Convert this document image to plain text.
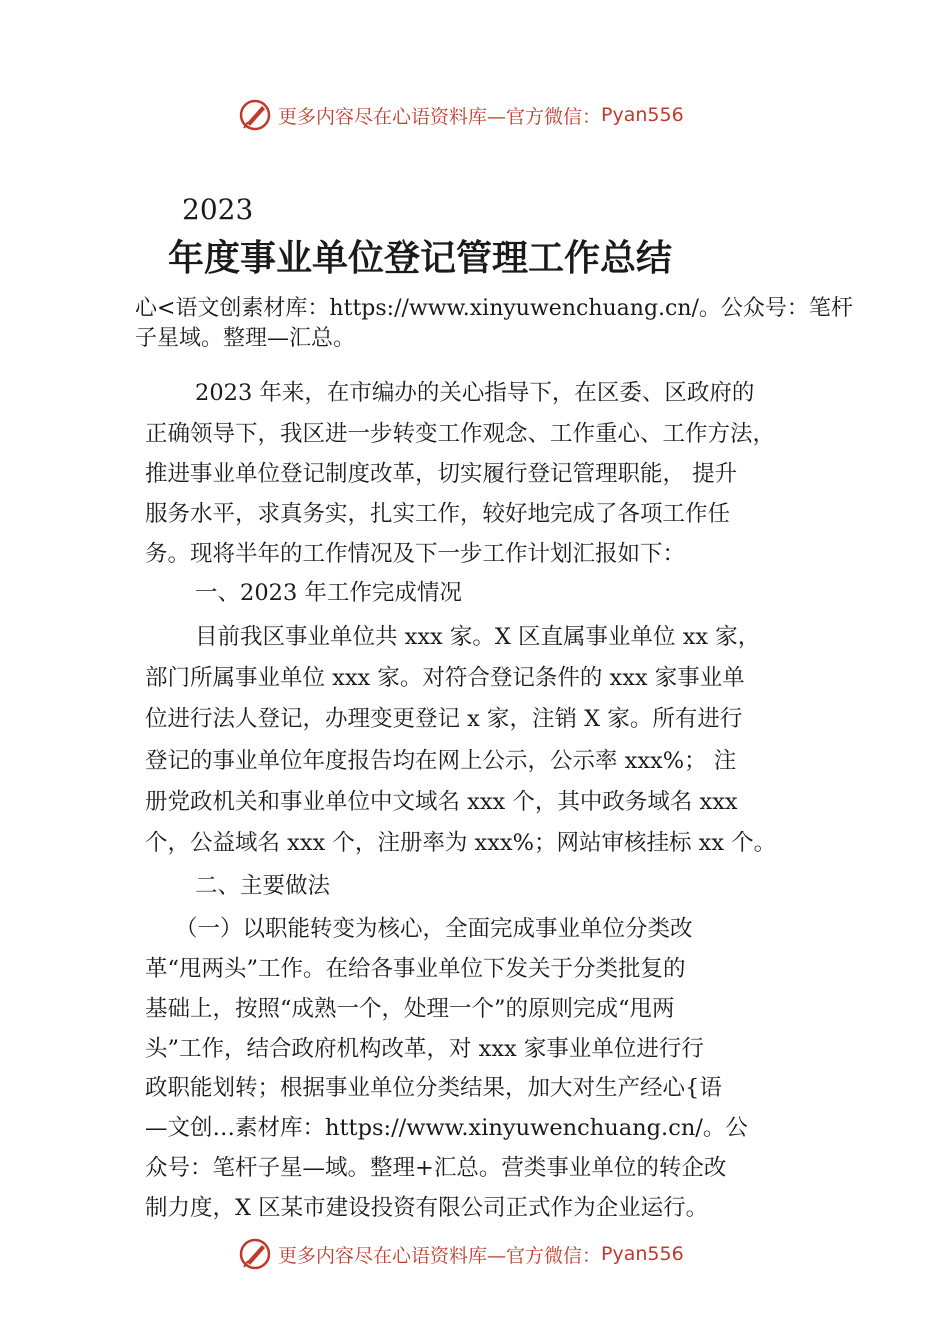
更多内容尽在心语资料库—官方微信： Pyan556
2023
年度事业单位登记管理工作总结
心<语文创素材库：https://www.xinyuwenchuang.cn/。公众号：笔杆子星域。整理—汇总。
2023 年来，在市编办的关心指导下，在区委、区政府的
正确领导下，我区进一步转变工作观念、工作重心、工作方法，
推进事业单位登记制度改革，切实履行登记管理职能， 提升
服务水平，求真务实，扎实工作，较好地完成了各项工作任
务。现将半年的工作情况及下一步工作计划汇报如下：
一、2023 年工作完成情况
目前我区事业单位共 xxx 家。X 区直属事业单位 xx 家，
部门所属事业单位 xxx 家。对符合登记条件的 xxx 家事业单
位进行法人登记，办理变更登记 x 家，注销 X 家。所有进行
登记的事业单位年度报告均在网上公示，公示率 xxx%； 注
册党政机关和事业单位中文域名 xxx 个，其中政务域名 xxx
个，公益域名 xxx 个，注册率为 xxx%；网站审核挂标 xx 个。
二、主要做法
（一）以职能转变为核心，全面完成事业单位分类改
革“甩两头”工作。在给各事业单位下发关于分类批复的
基础上，按照“成熟一个，处理一个”的原则完成“甩两
头”工作，结合政府机构改革，对 xxx 家事业单位进行行
政职能划转；根据事业单位分类结果，加大对生产经心{语
—文创…素材库：https://www.xinyuwenchuang.cn/。公
众号：笔杆子星—域。整理+汇总。营类事业单位的转企改
制力度，X 区某市建设投资有限公司正式作为企业运行。
更多内容尽在心语资料库—官方微信： Pyan556
